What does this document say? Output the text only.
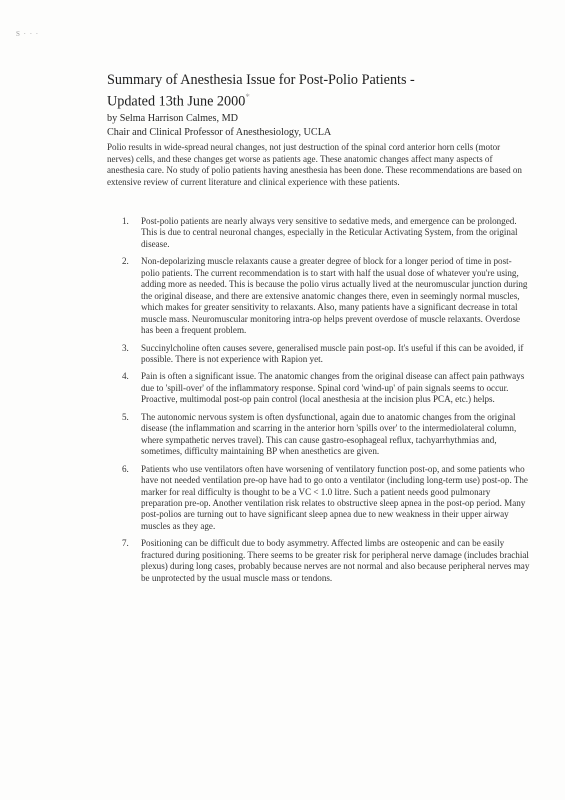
S · · ·
Summary of Anesthesia Issue for Post-Polio Patients -
Updated 13th June 2000*
by Selma Harrison Calmes, MD
Chair and Clinical Professor of Anesthesiology, UCLA

Polio results in wide-spread neural changes, not just destruction of the spinal cord anterior horn cells (motor nerves) cells, and these changes get worse as patients age. These anatomic changes affect many aspects of anesthesia care. No study of polio patients having anesthesia has been done. These recommendations are based on extensive review of current literature and clinical experience with these patients.

1.	Post-polio patients are nearly always very sensitive to sedative meds, and emergence can be prolonged. This is due to central neuronal changes, especially in the Reticular Activating System, from the original disease.
2.	Non-depolarizing muscle relaxants cause a greater degree of block for a longer period of time in post-polio patients. The current recommendation is to start with half the usual dose of whatever you're using, adding more as needed. This is because the polio virus actually lived at the neuromuscular junction during the original disease, and there are extensive anatomic changes there, even in seemingly normal muscles, which makes for greater sensitivity to relaxants. Also, many patients have a significant decrease in total muscle mass. Neuromuscular monitoring intra-op helps prevent overdose of muscle relaxants. Overdose has been a frequent problem.
3.	Succinylcholine often causes severe, generalised muscle pain post-op. It's useful if this can be avoided, if possible. There is not experience with Rapion yet.
4.	Pain is often a significant issue. The anatomic changes from the original disease can affect pain pathways due to 'spill-over' of the inflammatory response. Spinal cord 'wind-up' of pain signals seems to occur. Proactive, multimodal post-op pain control (local anesthesia at the incision plus PCA, etc.) helps.
5.	The autonomic nervous system is often dysfunctional, again due to anatomic changes from the original disease (the inflammation and scarring in the anterior horn 'spills over' to the intermediolateral column, where sympathetic nerves travel). This can cause gastro-esophageal reflux, tachyarrhythmias and, sometimes, difficulty maintaining BP when anesthetics are given.
6.	Patients who use ventilators often have worsening of ventilatory function post-op, and some patients who have not needed ventilation pre-op have had to go onto a ventilator (including long-term use) post-op. The marker for real difficulty is thought to be a VC < 1.0 litre. Such a patient needs good pulmonary preparation pre-op. Another ventilation risk relates to obstructive sleep apnea in the post-op period. Many post-polios are turning out to have significant sleep apnea due to new weakness in their upper airway muscles as they age.
7.	Positioning can be difficult due to body asymmetry. Affected limbs are osteopenic and can be easily fractured during positioning. There seems to be greater risk for peripheral nerve damage (includes brachial plexus) during long cases, probably because nerves are not normal and also because peripheral nerves may be unprotected by the usual muscle mass or tendons.
